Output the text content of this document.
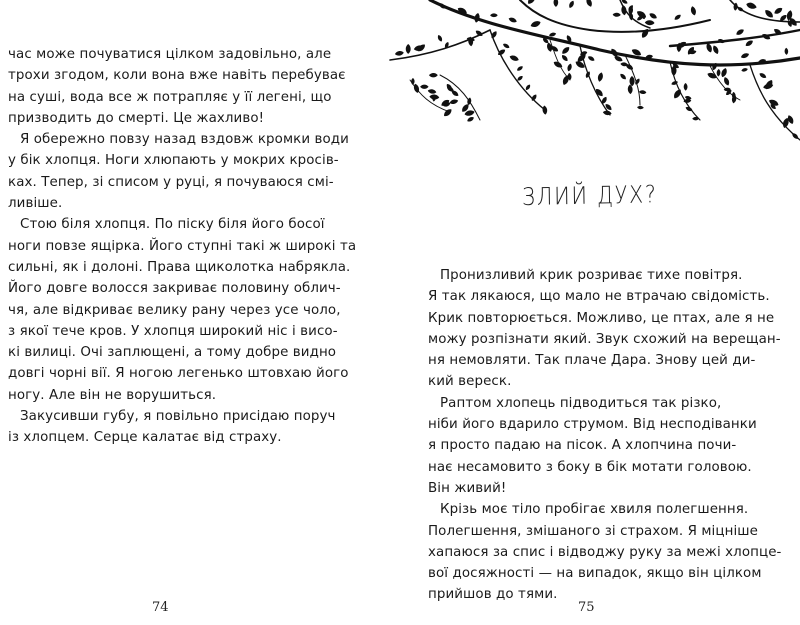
час може почуватися цілком задовільно, але
трохи згодом, коли вона вже навіть перебуває
на суші, вода все ж потрапляє у її легені, що
призводить до смерті. Це жахливо!
Я обережно повзу назад вздовж кромки води
у бік хлопця. Ноги хлюпають у мокрих кросів-
ках. Тепер, зі списом у руці, я почуваюся смі-
ливіше.
Стою біля хлопця. По піску біля його босої
ноги повзе ящірка. Його ступні такі ж широкі та
сильні, як і долоні. Права щиколотка набрякла.
Його довге волосся закриває половину облич-
чя, але відкриває велику рану через усе чоло,
з якої тече кров. У хлопця широкий ніс і висо-
кі вилиці. Очі заплющені, а тому добре видно
довгі чорні вії. Я ногою легенько штовхаю його
ногу. Але він не ворушиться.
Закусивши губу, я повільно присідаю поруч
із хлопцем. Серце калатає від страху.
74
ЗЛИЙ ДУХ?
Пронизливий крик розриває тихе повітря.
Я так лякаюся, що мало не втрачаю свідомість.
Крик повторюється. Можливо, це птах, але я не
можу розпізнати який. Звук схожий на верещан-
ня немовляти. Так плаче Дара. Знову цей ди-
кий вереск.
Раптом хлопець підводиться так різко,
ніби його вдарило струмом. Від несподіванки
я просто падаю на пісок. А хлопчина почи-
нає несамовито з боку в бік мотати головою.
Він живий!
Крізь моє тіло пробігає хвиля полегшення.
Полегшення, змішаного зі страхом. Я міцніше
хапаюся за спис і відводжу руку за межі хлопце-
вої досяжності — на випадок, якщо він цілком
прийшов до тями.
75
